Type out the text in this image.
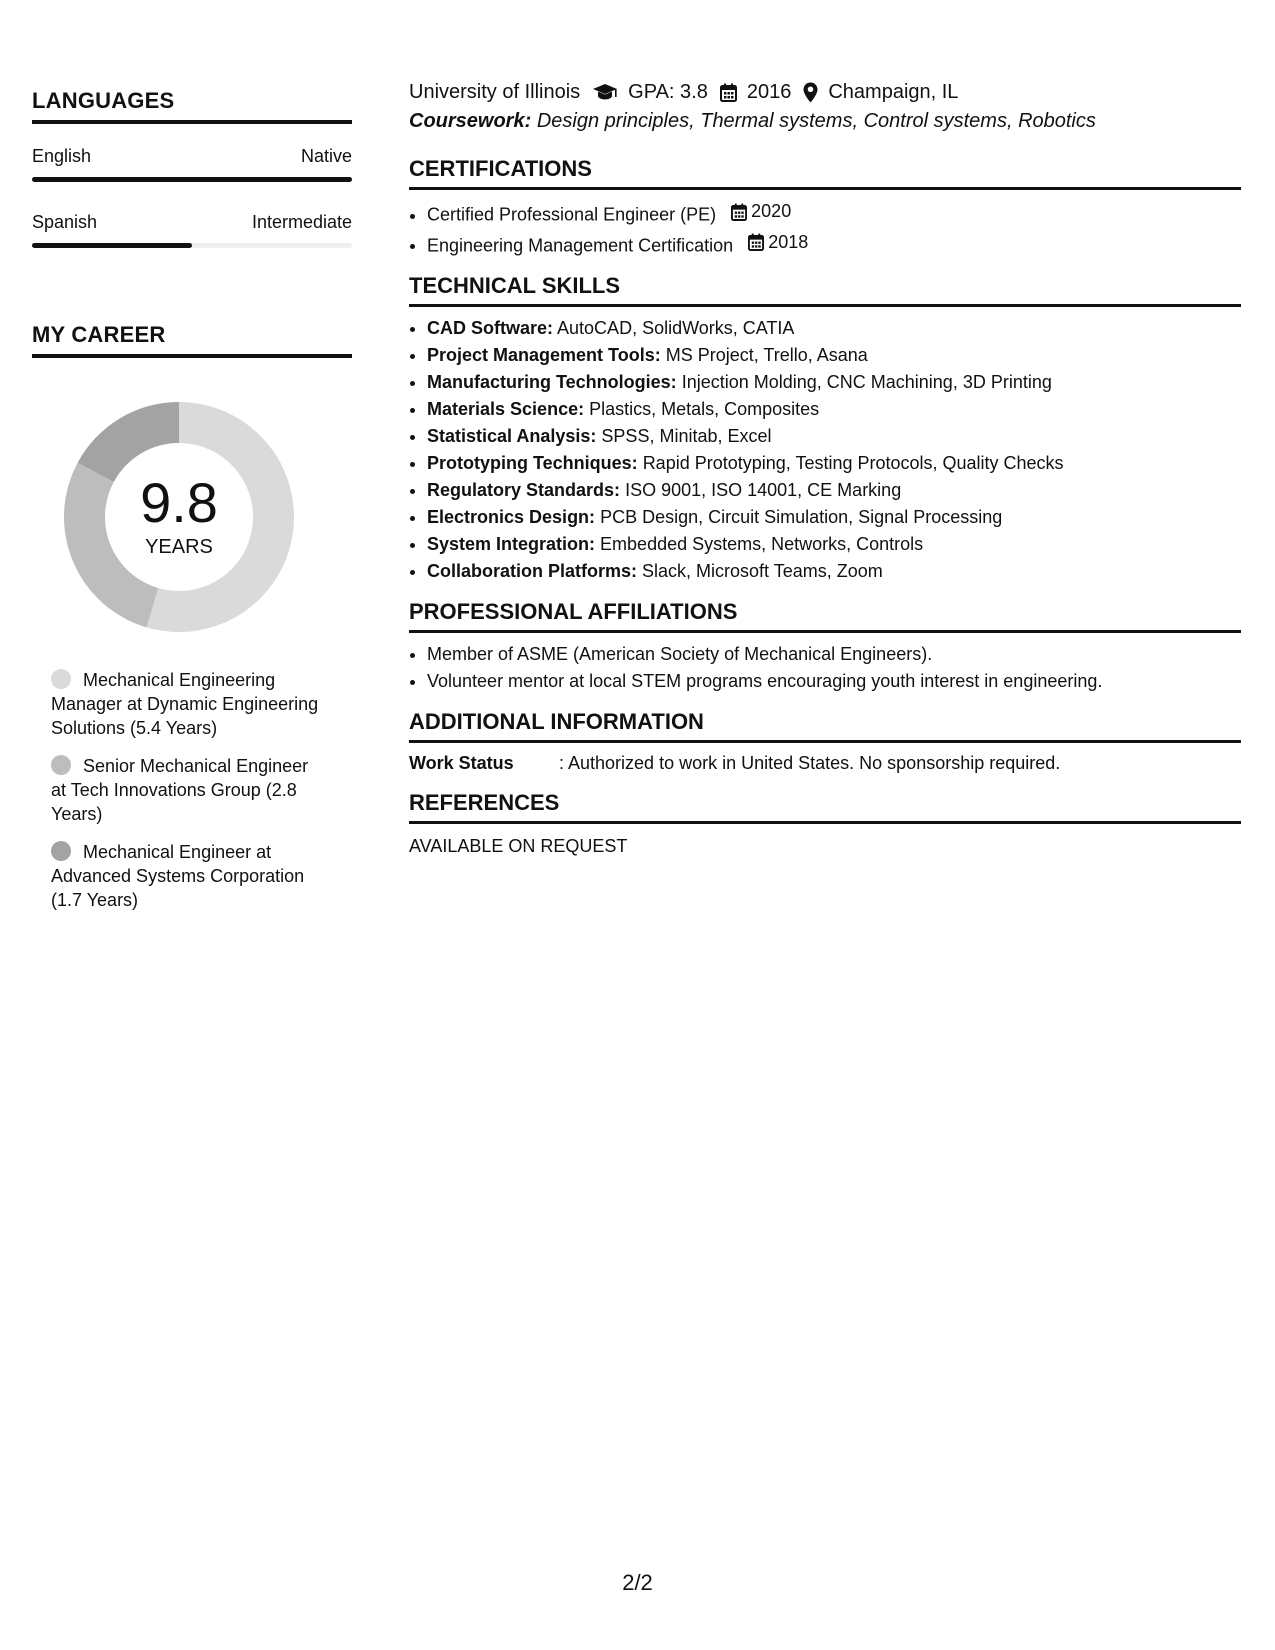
LANGUAGES
English	Native
Spanish	Intermediate
MY CAREER
9.8
YEARS
Mechanical Engineering Manager at Dynamic Engineering Solutions (5.4 Years)
Senior Mechanical Engineer at Tech Innovations Group (2.8 Years)
Mechanical Engineer at Advanced Systems Corporation (1.7 Years)
University of Illinois GPA: 3.8 2016 Champaign, IL
Coursework: Design principles, Thermal systems, Control systems, Robotics
CERTIFICATIONS
• Certified Professional Engineer (PE) 2020
• Engineering Management Certification 2018
TECHNICAL SKILLS
• CAD Software: AutoCAD, SolidWorks, CATIA
• Project Management Tools: MS Project, Trello, Asana
• Manufacturing Technologies: Injection Molding, CNC Machining, 3D Printing
• Materials Science: Plastics, Metals, Composites
• Statistical Analysis: SPSS, Minitab, Excel
• Prototyping Techniques: Rapid Prototyping, Testing Protocols, Quality Checks
• Regulatory Standards: ISO 9001, ISO 14001, CE Marking
• Electronics Design: PCB Design, Circuit Simulation, Signal Processing
• System Integration: Embedded Systems, Networks, Controls
• Collaboration Platforms: Slack, Microsoft Teams, Zoom
PROFESSIONAL AFFILIATIONS
• Member of ASME (American Society of Mechanical Engineers).
• Volunteer mentor at local STEM programs encouraging youth interest in engineering.
ADDITIONAL INFORMATION
Work Status	: Authorized to work in United States. No sponsorship required.
REFERENCES
AVAILABLE ON REQUEST
2/2
